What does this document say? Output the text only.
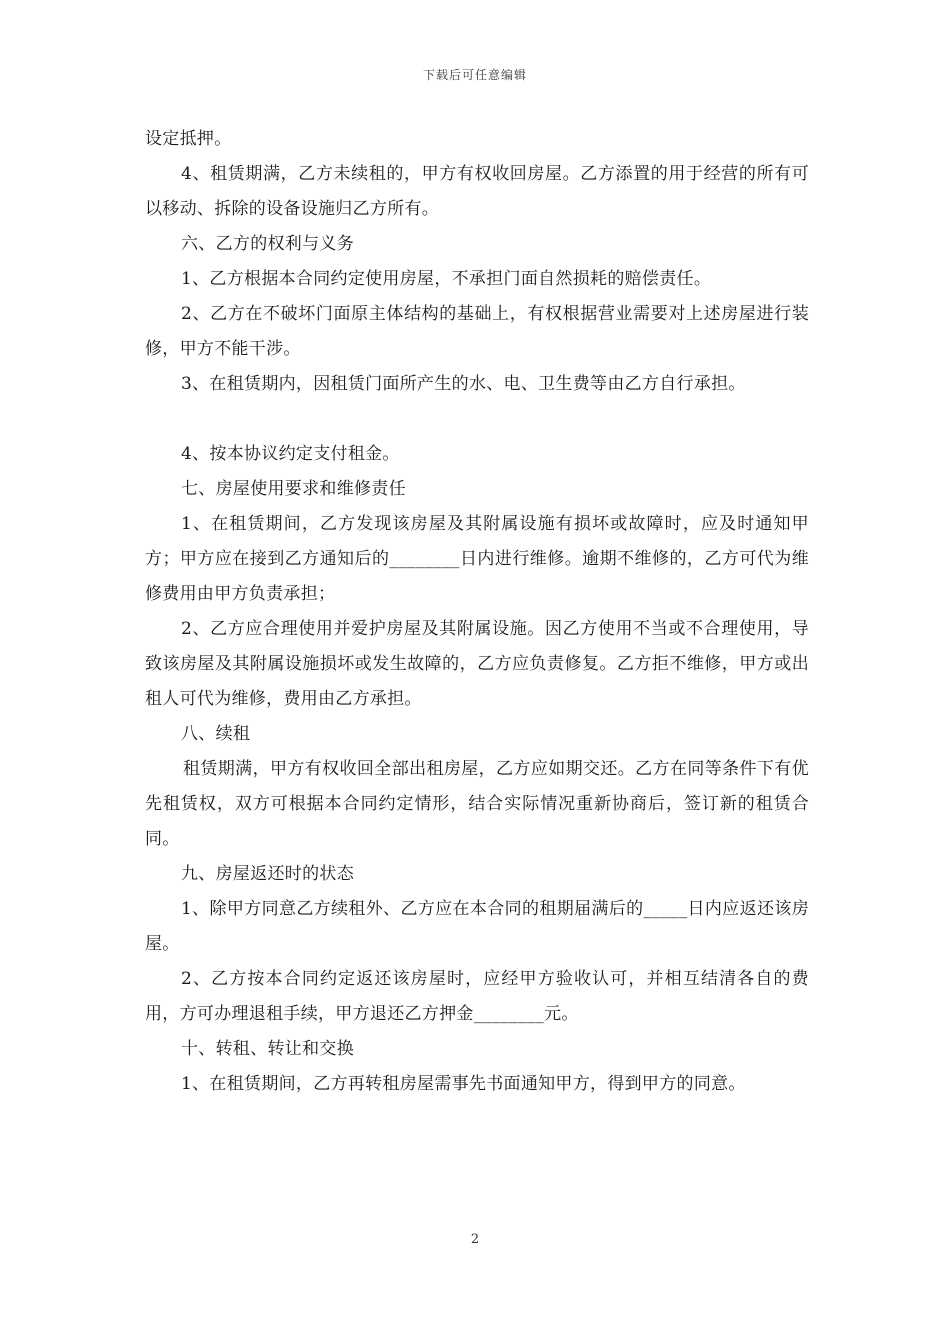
下载后可任意编辑

设定抵押。

4、租赁期满，乙方未续租的，甲方有权收回房屋。乙方添置的用于经营的所有可以移动、拆除的设备设施归乙方所有。

六、乙方的权利与义务

1、乙方根据本合同约定使用房屋，不承担门面自然损耗的赔偿责任。

2、乙方在不破坏门面原主体结构的基础上，有权根据营业需要对上述房屋进行装修，甲方不能干涉。

3、在租赁期内，因租赁门面所产生的水、电、卫生费等由乙方自行承担。

4、按本协议约定支付租金。

七、房屋使用要求和维修责任

1、在租赁期间，乙方发现该房屋及其附属设施有损坏或故障时，应及时通知甲方；甲方应在接到乙方通知后的________日内进行维修。逾期不维修的，乙方可代为维修费用由甲方负责承担；

2、乙方应合理使用并爱护房屋及其附属设施。因乙方使用不当或不合理使用，导致该房屋及其附属设施损坏或发生故障的，乙方应负责修复。乙方拒不维修，甲方或出租人可代为维修，费用由乙方承担。

八、续租

租赁期满，甲方有权收回全部出租房屋，乙方应如期交还。乙方在同等条件下有优先租赁权，双方可根据本合同约定情形，结合实际情况重新协商后，签订新的租赁合同。

九、房屋返还时的状态

1、除甲方同意乙方续租外、乙方应在本合同的租期届满后的_____日内应返还该房屋。

2、乙方按本合同约定返还该房屋时，应经甲方验收认可，并相互结清各自的费用，方可办理退租手续，甲方退还乙方押金________元。

十、转租、转让和交换

1、在租赁期间，乙方再转租房屋需事先书面通知甲方，得到甲方的同意。

2
